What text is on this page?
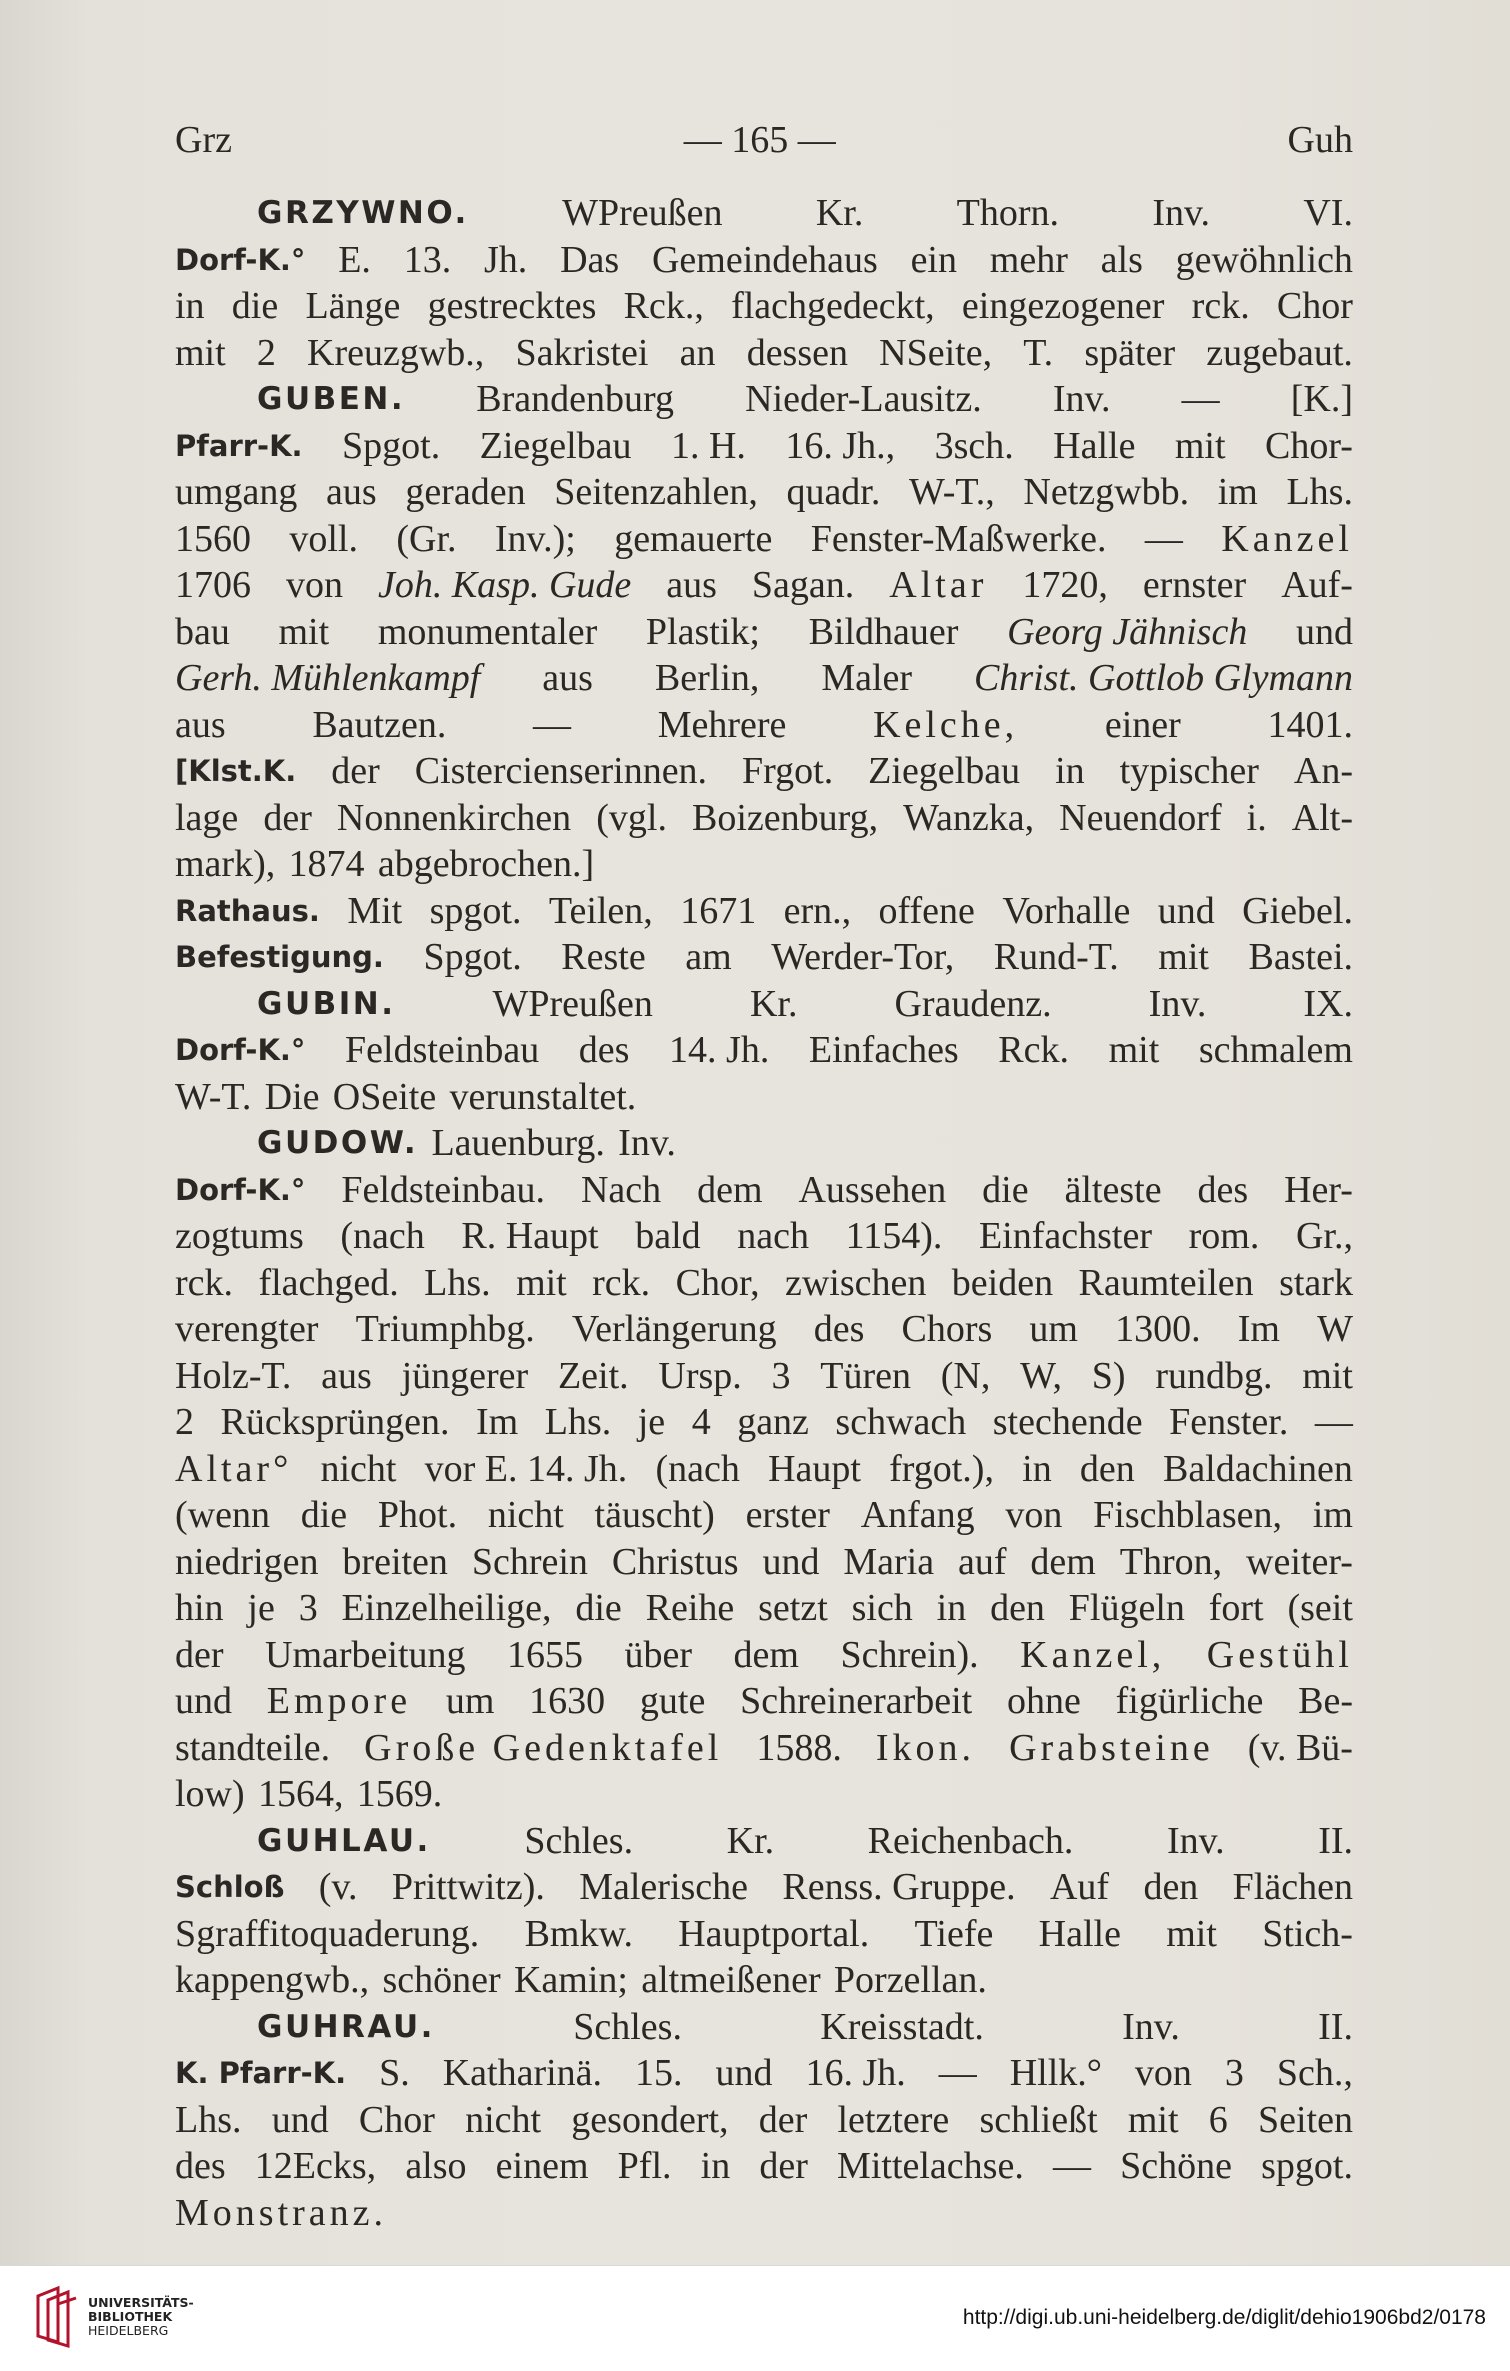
Grz	— 165 —	Guh
GRZYWNO. WPreußen Kr. Thorn. Inv. VI.
Dorf-K.° E. 13. Jh. Das Gemeindehaus ein mehr als gewöhnlich
in die Länge gestrecktes Rck., flachgedeckt, eingezogener rck. Chor
mit 2 Kreuzgwb., Sakristei an dessen NSeite, T. später zugebaut.
GUBEN. Brandenburg Nieder-Lausitz. Inv. — [K.]
Pfarr-K. Spgot. Ziegelbau 1. H. 16. Jh., 3sch. Halle mit Chor-
umgang aus geraden Seitenzahlen, quadr. W-T., Netzgwbb. im Lhs.
1560 voll. (Gr. Inv.); gemauerte Fenster-Maßwerke. — Kanzel
1706 von Joh. Kasp. Gude aus Sagan. Altar 1720, ernster Auf-
bau mit monumentaler Plastik; Bildhauer Georg Jähnisch und
Gerh. Mühlenkampf aus Berlin, Maler Christ. Gottlob Glymann
aus Bautzen. — Mehrere Kelche, einer 1401.
[Klst.K. der Cistercienserinnen. Frgot. Ziegelbau in typischer An-
lage der Nonnenkirchen (vgl. Boizenburg, Wanzka, Neuendorf i. Alt-
mark), 1874 abgebrochen.]
Rathaus. Mit spgot. Teilen, 1671 ern., offene Vorhalle und Giebel.
Befestigung. Spgot. Reste am Werder-Tor, Rund-T. mit Bastei.
GUBIN.	WPreußen	Kr.	Graudenz.	Inv.	IX.
Dorf-K.° Feldsteinbau des 14. Jh. Einfaches Rck. mit schmalem
W-T. Die OSeite verunstaltet.
GUDOW. Lauenburg. Inv.
Dorf-K.° Feldsteinbau. Nach dem Aussehen die älteste des Her-
zogtums (nach R. Haupt bald nach 1154). Einfachster rom. Gr.,
rck. flachged. Lhs. mit rck. Chor, zwischen beiden Raumteilen stark
verengter Triumphbg. Verlängerung des Chors um 1300. Im W
Holz-T. aus jüngerer Zeit. Ursp. 3 Türen (N, W, S) rundbg. mit
2 Rücksprüngen. Im Lhs. je 4 ganz schwach stechende Fenster. —
Altar° nicht vor E. 14. Jh. (nach Haupt frgot.), in den Baldachinen
(wenn die Phot. nicht täuscht) erster Anfang von Fischblasen, im
niedrigen breiten Schrein Christus und Maria auf dem Thron, weiter-
hin je 3 Einzelheilige, die Reihe setzt sich in den Flügeln fort (seit
der Umarbeitung 1655 über dem Schrein). Kanzel, Gestühl
und Empore um 1630 gute Schreinerarbeit ohne figürliche Be-
standteile. Große Gedenktafel 1588. Ikon. Grabsteine (v. Bü-
low) 1564, 1569.
GUHLAU. Schles. Kr. Reichenbach. Inv. II.
Schloß (v. Prittwitz). Malerische Renss. Gruppe. Auf den Flächen
Sgraffitoquaderung. Bmkw. Hauptportal. Tiefe Halle mit Stich-
kappengwb., schöner Kamin; altmeißener Porzellan.
GUHRAU.	Schles.	Kreisstadt.	Inv.	II.
K. Pfarr-K. S. Katharinä. 15. und 16. Jh. — Hllk.° von 3 Sch.,
Lhs. und Chor nicht gesondert, der letztere schließt mit 6 Seiten
des 12Ecks, also einem Pfl. in der Mittelachse. — Schöne spgot.
Monstranz.
UNIVERSITÄTS-
BIBLIOTHEK
HEIDELBERG
http://digi.ub.uni-heidelberg.de/diglit/dehio1906bd2/0178
